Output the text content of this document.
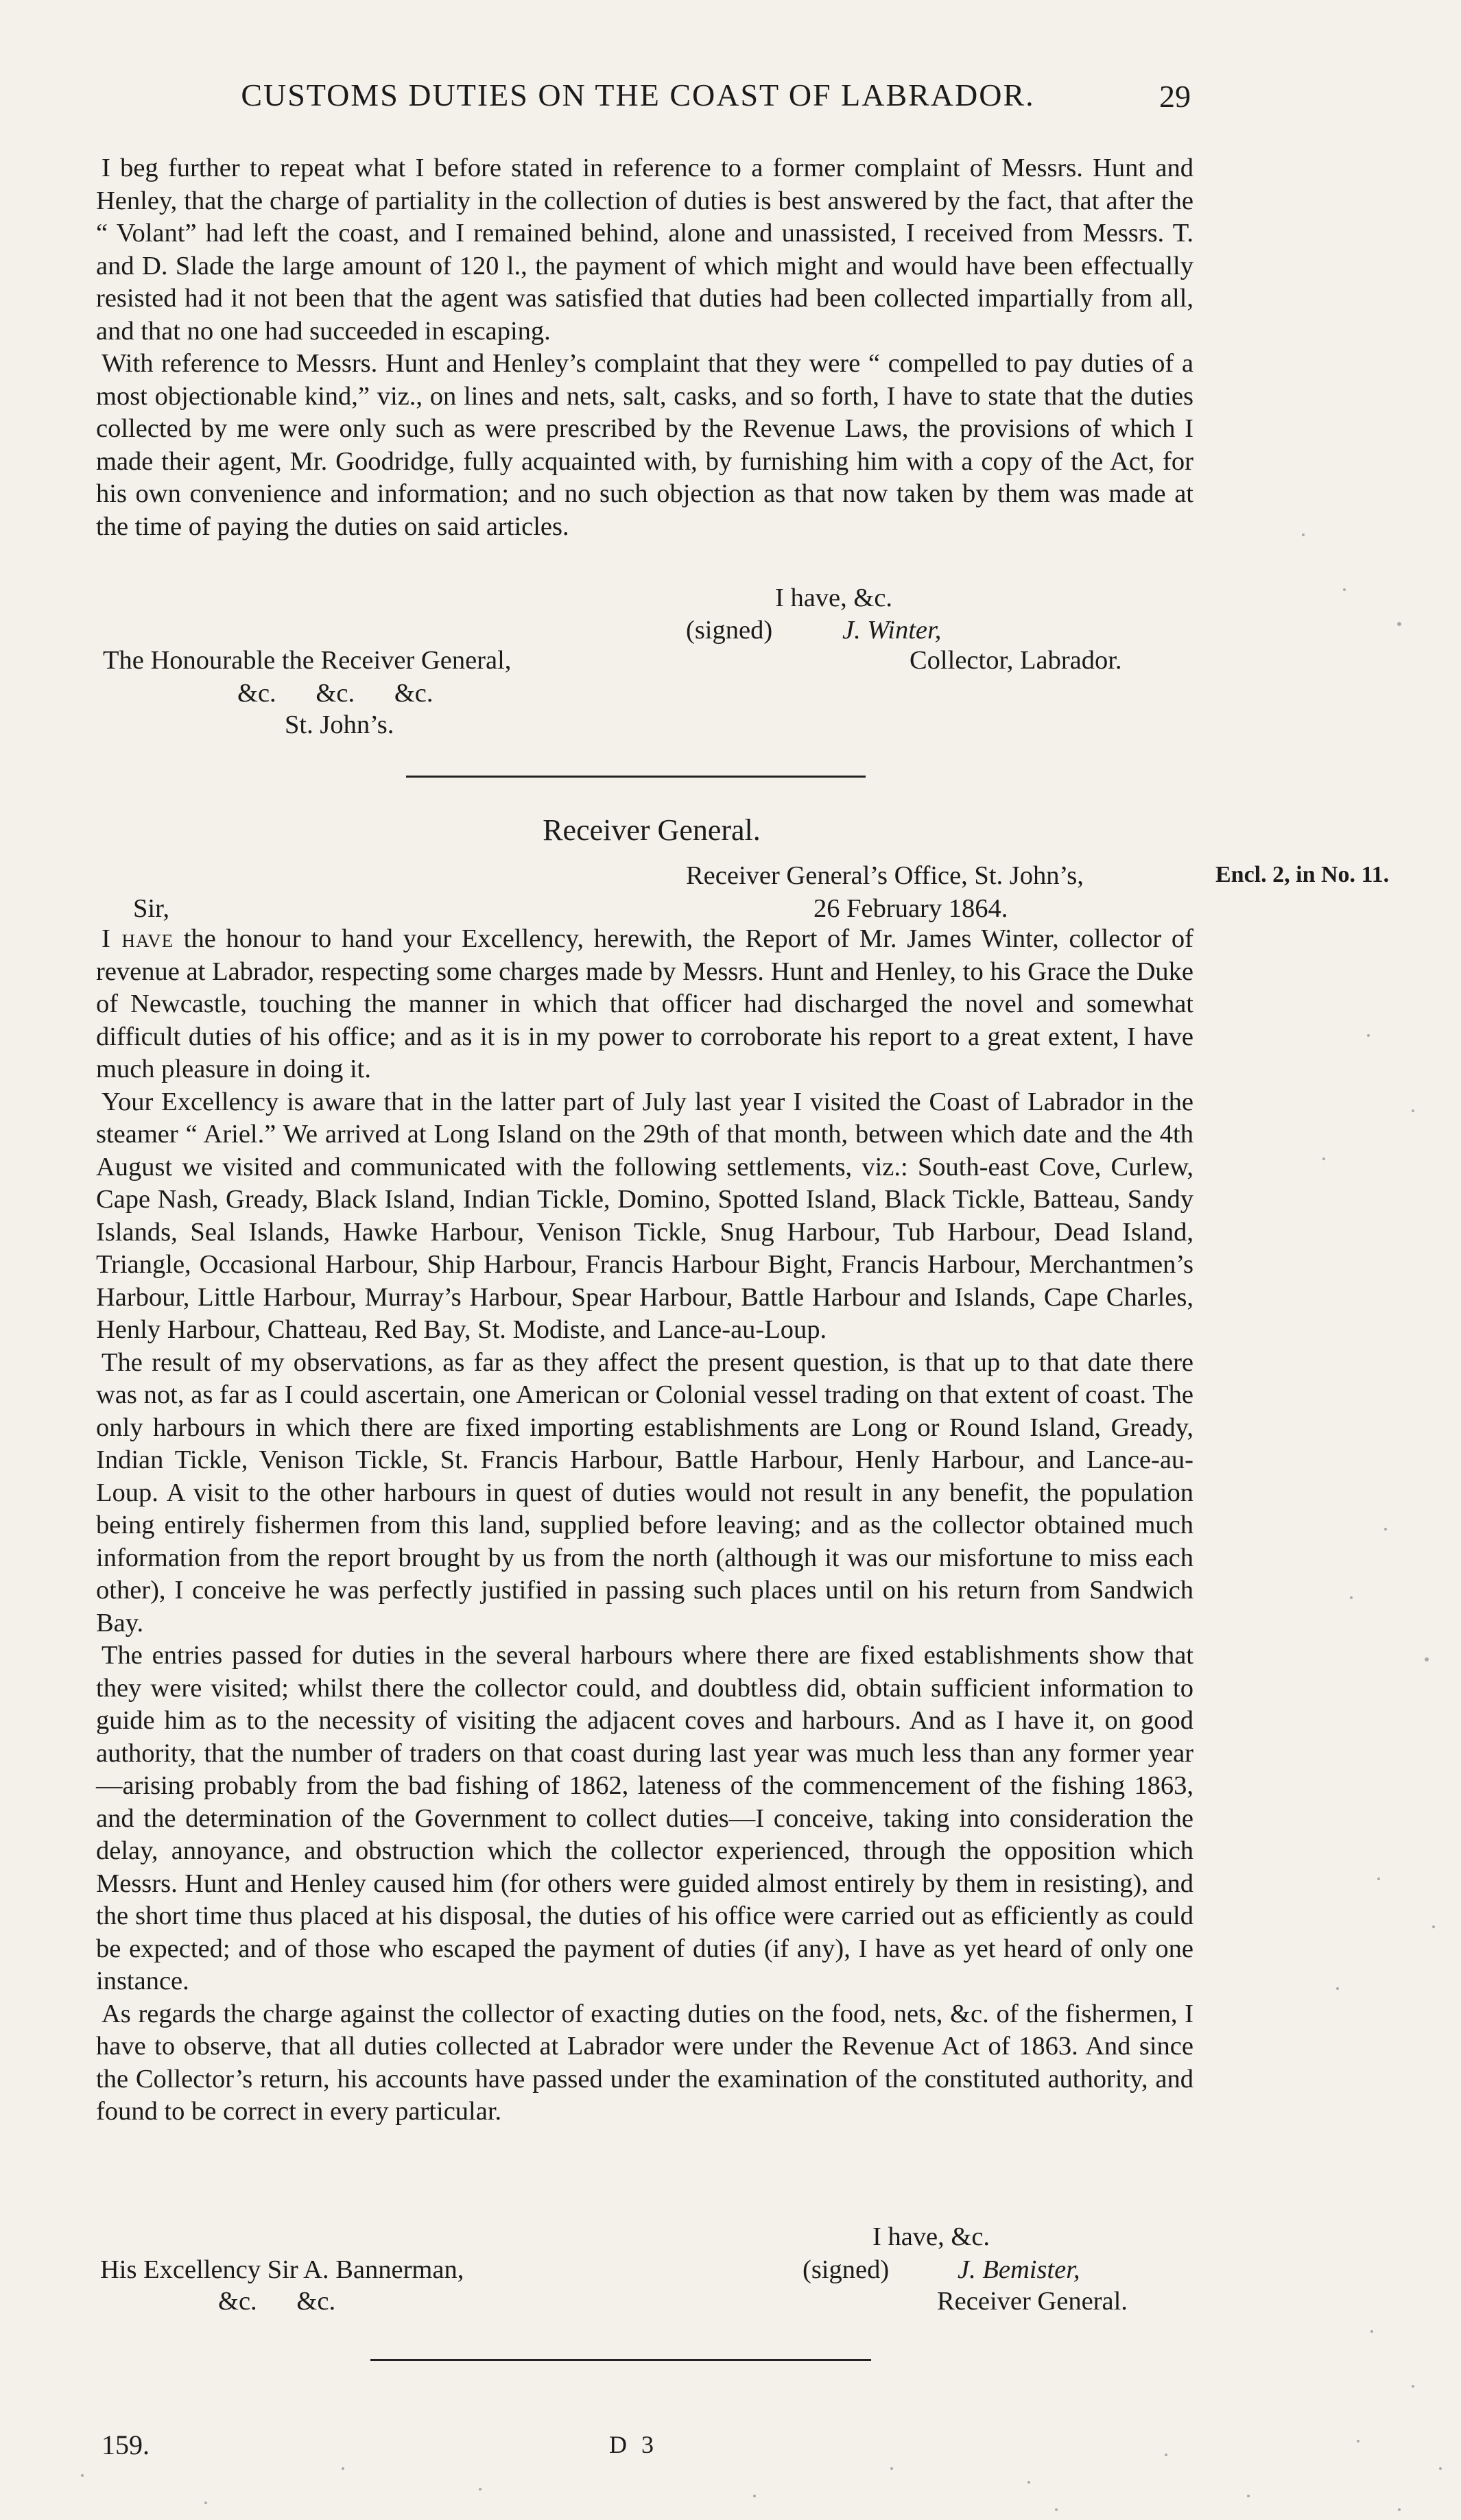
CUSTOMS DUTIES ON THE COAST OF LABRADOR.	29

I beg further to repeat what I before stated in reference to a former complaint of Messrs. Hunt and Henley, that the charge of partiality in the collection of duties is best answered by the fact, that after the “ Volant” had left the coast, and I remained behind, alone and unassisted, I received from Messrs. T. and D. Slade the large amount of 120 l., the payment of which might and would have been effectually resisted had it not been that the agent was satisfied that duties had been collected impartially from all, and that no one had succeeded in escaping.

With reference to Messrs. Hunt and Henley’s complaint that they were “ compelled to pay duties of a most objectionable kind,” viz., on lines and nets, salt, casks, and so forth, I have to state that the duties collected by me were only such as were prescribed by the Revenue Laws, the provisions of which I made their agent, Mr. Goodridge, fully acquainted with, by furnishing him with a copy of the Act, for his own convenience and information; and no such objection as that now taken by them was made at the time of paying the duties on said articles.

I have, &c.
(signed)	J. Winter,
The Honourable the Receiver General,	Collector, Labrador.
&c.      &c.      &c.
St. John’s.
Receiver General.
Encl. 2, in No. 11.
Receiver General’s Office, St. John’s,
26 February 1864.
Sir,

I have the honour to hand your Excellency, herewith, the Report of Mr. James Winter, collector of revenue at Labrador, respecting some charges made by Messrs. Hunt and Henley, to his Grace the Duke of Newcastle, touching the manner in which that officer had discharged the novel and somewhat difficult duties of his office; and as it is in my power to corroborate his report to a great extent, I have much pleasure in doing it.

Your Excellency is aware that in the latter part of July last year I visited the Coast of Labrador in the steamer “ Ariel.” We arrived at Long Island on the 29th of that month, between which date and the 4th August we visited and communicated with the following settlements, viz.: South-east Cove, Curlew, Cape Nash, Gready, Black Island, Indian Tickle, Domino, Spotted Island, Black Tickle, Batteau, Sandy Islands, Seal Islands, Hawke Harbour, Venison Tickle, Snug Harbour, Tub Harbour, Dead Island, Triangle, Occasional Harbour, Ship Harbour, Francis Harbour Bight, Francis Harbour, Merchantmen’s Harbour, Little Harbour, Murray’s Harbour, Spear Harbour, Battle Harbour and Islands, Cape Charles, Henly Harbour, Chatteau, Red Bay, St. Modiste, and Lance-au-Loup.

The result of my observations, as far as they affect the present question, is that up to that date there was not, as far as I could ascertain, one American or Colonial vessel trading on that extent of coast. The only harbours in which there are fixed importing establishments are Long or Round Island, Gready, Indian Tickle, Venison Tickle, St. Francis Harbour, Battle Harbour, Henly Harbour, and Lance-au-Loup. A visit to the other harbours in quest of duties would not result in any benefit, the population being entirely fishermen from this land, supplied before leaving; and as the collector obtained much information from the report brought by us from the north (although it was our misfortune to miss each other), I conceive he was perfectly justified in passing such places until on his return from Sandwich Bay.

The entries passed for duties in the several harbours where there are fixed establishments show that they were visited; whilst there the collector could, and doubtless did, obtain sufficient information to guide him as to the necessity of visiting the adjacent coves and harbours. And as I have it, on good authority, that the number of traders on that coast during last year was much less than any former year—arising probably from the bad fishing of 1862, lateness of the commencement of the fishing 1863, and the determination of the Government to collect duties—I conceive, taking into consideration the delay, annoyance, and obstruction which the collector experienced, through the opposition which Messrs. Hunt and Henley caused him (for others were guided almost entirely by them in resisting), and the short time thus placed at his disposal, the duties of his office were carried out as efficiently as could be expected; and of those who escaped the payment of duties (if any), I have as yet heard of only one instance.

As regards the charge against the collector of exacting duties on the food, nets, &c. of the fishermen, I have to observe, that all duties collected at Labrador were under the Revenue Act of 1863. And since the Collector’s return, his accounts have passed under the examination of the constituted authority, and found to be correct in every particular.

I have, &c.
(signed)	J. Bemister,
His Excellency Sir A. Bannerman,
&c.      &c.	Receiver General.
159.	D 3
